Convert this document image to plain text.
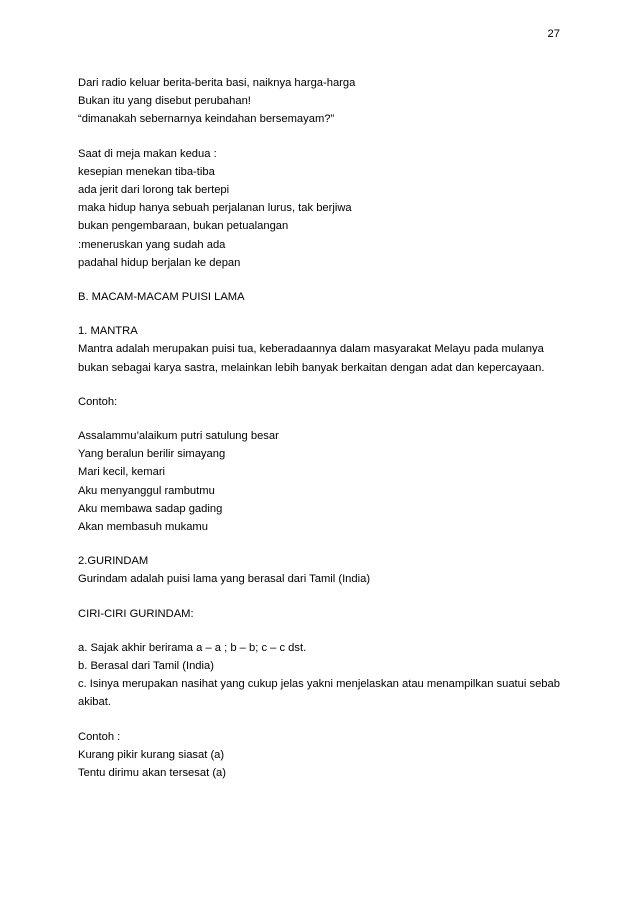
27
Dari radio keluar berita-berita basi, naiknya harga-harga
Bukan itu yang disebut perubahan!
“dimanakah sebernarnya keindahan bersemayam?”
Saat di meja makan kedua :
kesepian menekan tiba-tiba
ada jerit dari lorong tak bertepi
maka hidup hanya sebuah perjalanan lurus, tak berjiwa
bukan pengembaraan, bukan petualangan
:meneruskan yang sudah ada
padahal hidup berjalan ke depan
B. MACAM-MACAM PUISI LAMA
1. MANTRA
Mantra adalah merupakan puisi tua, keberadaannya dalam masyarakat Melayu pada mulanya bukan sebagai karya sastra, melainkan lebih banyak berkaitan dengan adat dan kepercayaan.
Contoh:
Assalammu’alaikum putri satulung besar
Yang beralun berilir simayang
Mari kecil, kemari
Aku menyanggul rambutmu
Aku membawa sadap gading
Akan membasuh mukamu
2.GURINDAM
Gurindam adalah puisi lama yang berasal dari Tamil (India)
CIRI-CIRI GURINDAM:
a. Sajak akhir berirama a – a ; b – b; c – c dst.
b. Berasal dari Tamil (India)
c. Isinya merupakan nasihat yang cukup jelas yakni menjelaskan atau menampilkan suatui sebab akibat.
Contoh :
Kurang pikir kurang siasat (a)
Tentu dirimu akan tersesat (a)
